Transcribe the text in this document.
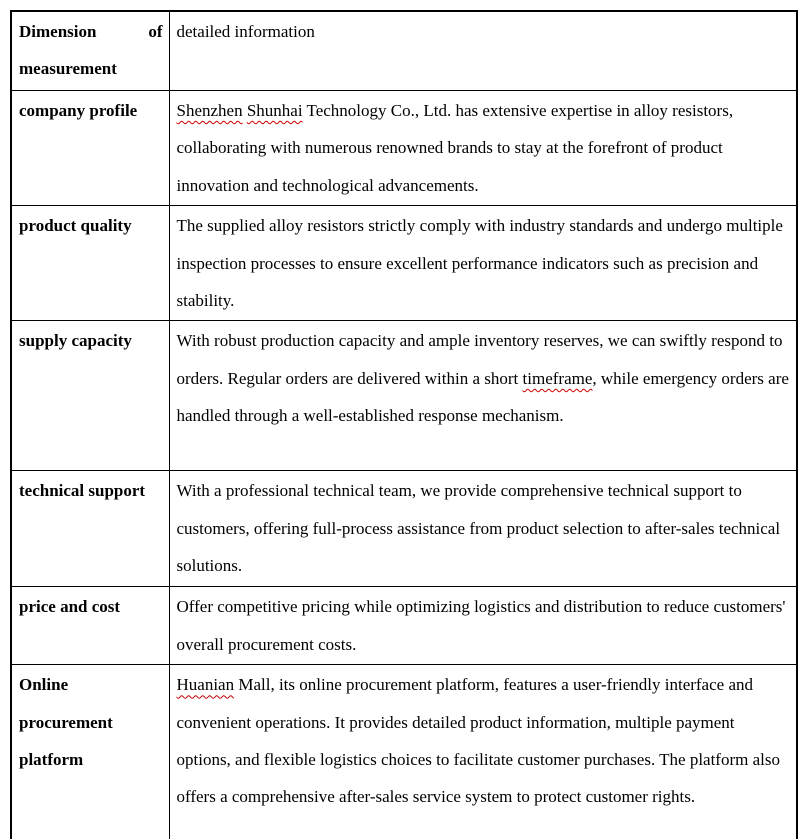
Dimension of measurement	detailed information
company profile	Shenzhen Shunhai Technology Co., Ltd. has extensive expertise in alloy resistors, collaborating with numerous renowned brands to stay at the forefront of product innovation and technological advancements.
product quality	The supplied alloy resistors strictly comply with industry standards and undergo multiple inspection processes to ensure excellent performance indicators such as precision and stability.
supply capacity	With robust production capacity and ample inventory reserves, we can swiftly respond to orders. Regular orders are delivered within a short timeframe, while emergency orders are handled through a well-established response mechanism.
technical support	With a professional technical team, we provide comprehensive technical support to customers, offering full-process assistance from product selection to after-sales technical solutions.
price and cost	Offer competitive pricing while optimizing logistics and distribution to reduce customers' overall procurement costs.
Online procurement platform	Huanian Mall, its online procurement platform, features a user-friendly interface and convenient operations. It provides detailed product information, multiple payment options, and flexible logistics choices to facilitate customer purchases. The platform also offers a comprehensive after-sales service system to protect customer rights.
